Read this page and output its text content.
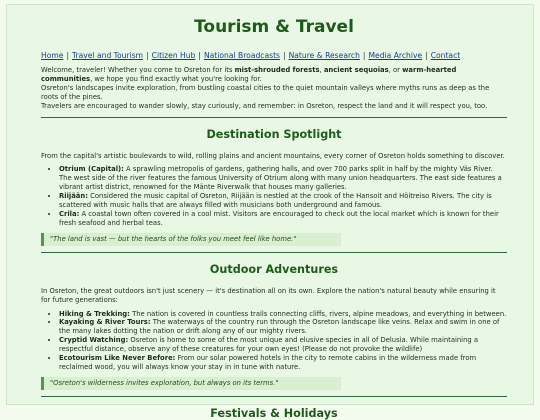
Tourism & Travel
Home | Travel and Tourism | Citizen Hub | National Broadcasts | Nature & Research | Media Archive | Contact

Welcome, traveler! Whether you come to Osreton for its mist-shrouded forests, ancient sequoias, or warm-hearted communities, we hope you find exactly what you're looking for.

Osreton's landscapes invite exploration, from bustling coastal cities to the quiet mountain valleys where myths runs as deep as the roots of the pines.

Travelers are encouraged to wander slowly, stay curiously, and remember: in Osreton, respect the land and it will respect you, too.

Destination Spotlight

From the capital's artistic boulevards to wild, rolling plains and ancient mountains, every corner of Osreton holds something to discover.

• Otrium (Capital): A sprawling metropolis of gardens, gathering halls, and over 700 parks split in half by the mighty Väs River. The west side of the river features the famous University of Otrium along with many union headquarters. The east side features a vibrant artist district, renowned for the Mänte Riverwalk that houses many galleries.
• Riijään: Considered the music capital of Osreton, Riijään is nestled at the crook of the Hansoit and Höitreiso Rivers. The city is scattered with music halls that are always filled with musicians both underground and famous.
• Crila: A coastal town often covered in a cool mist. Visitors are encouraged to check out the local market which is known for their fresh seafood and herbal teas.
"The land is vast — but the hearts of the folks you meet feel like home."
Outdoor Adventures

In Osreton, the great outdoors isn't just scenery — it's destination all on its own. Explore the nation's natural beauty while ensuring it for future generations:

• Hiking & Trekking: The nation is covered in countless trails connecting cliffs, rivers, alpine meadows, and everything in between.
• Kayaking & River Tours: The waterways of the country run through the Osreton landscape like veins. Relax and swim in one of the many lakes dotting the nation or drift along any of our mighty rivers.
• Cryptid Watching: Osreton is home to some of the most unique and elusive species in all of Delusia. While maintaining a respectful distance, observe any of these creatures for your own eyes! (Please do not provoke the wildlife)
• Ecotourism Like Never Before: From our solar powered hotels in the city to remote cabins in the wilderness made from reclaimed wood, you will always know your stay in in tune with nature.
"Osreton's wilderness invites exploration, but always on its terms."
Festivals & Holidays
